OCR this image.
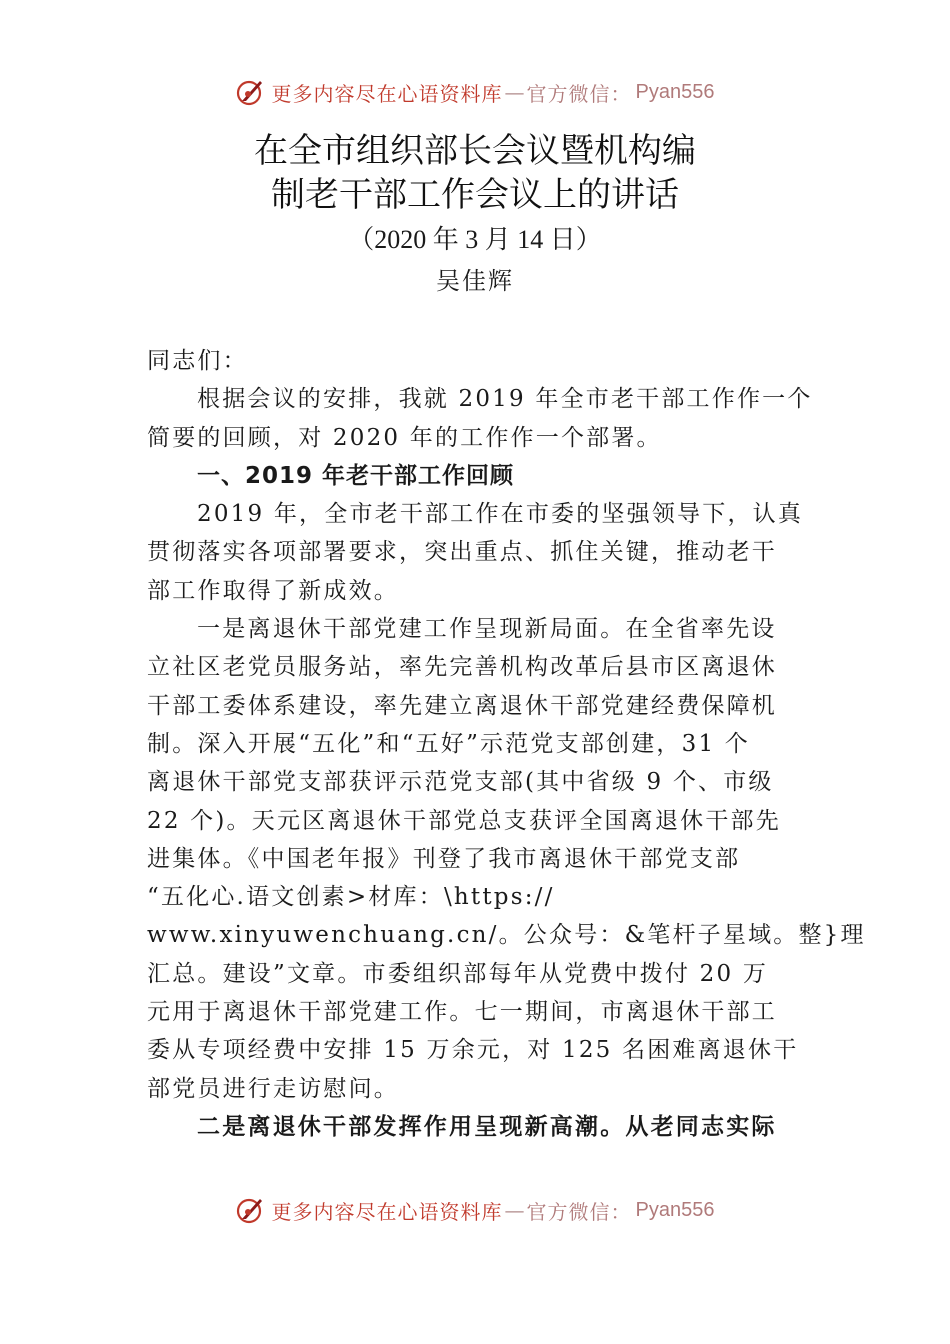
更多内容尽在心语资料库 — 官方微信： Pyan556
在全市组织部长会议暨机构编
制老干部工作会议上的讲话
（2020 年 3 月 14 日）
吴佳辉
同志们：
根据会议的安排，我就 2019 年全市老干部工作作一个
简要的回顾，对 2020 年的工作作一个部署。
一、2019 年老干部工作回顾
2019 年，全市老干部工作在市委的坚强领导下，认真
贯彻落实各项部署要求，突出重点、抓住关键，推动老干
部工作取得了新成效。
一是离退休干部党建工作呈现新局面。在全省率先设
立社区老党员服务站，率先完善机构改革后县市区离退休
干部工委体系建设，率先建立离退休干部党建经费保障机
制。深入开展“五化”和“五好”示范党支部创建，31 个
离退休干部党支部获评示范党支部(其中省级 9 个、市级
22 个)。天元区离退休干部党总支获评全国离退休干部先
进集体。《中国老年报》刊登了我市离退休干部党支部
“五化心.语文创素>材库：\https://
www.xinyuwenchuang.cn/。公众号：&笔杆子星域。整}理
汇总。建设”文章。市委组织部每年从党费中拨付 20 万
元用于离退休干部党建工作。七一期间，市离退休干部工
委从专项经费中安排 15 万余元，对 125 名困难离退休干
部党员进行走访慰问。
二是离退休干部发挥作用呈现新高潮。从老同志实际
更多内容尽在心语资料库 — 官方微信： Pyan556
